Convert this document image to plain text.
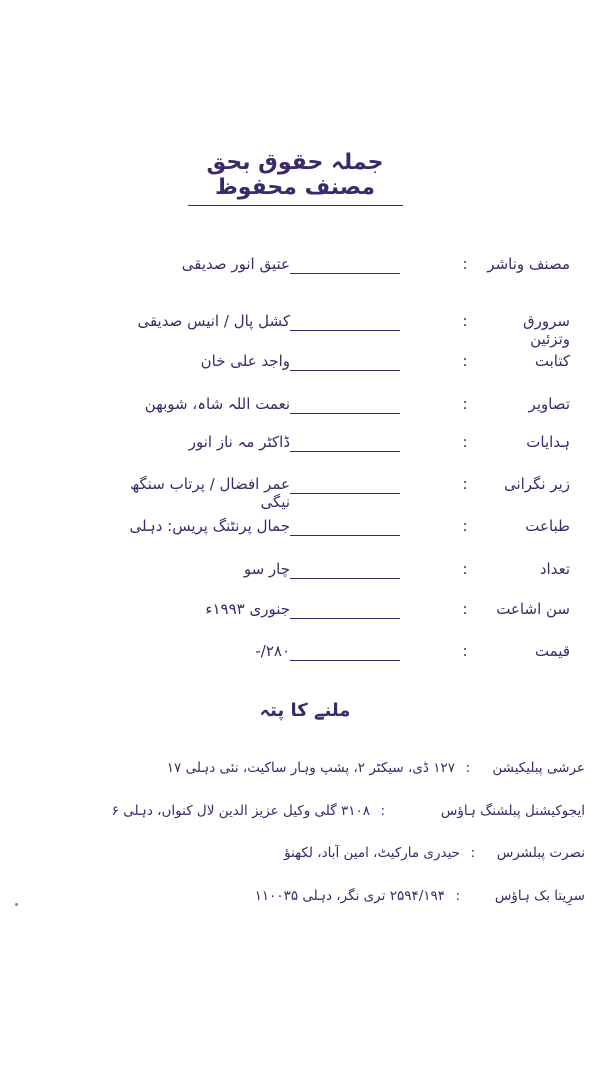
جملہ حقوق بحق مصنف محفوظ
مصنف وناشر
:
عتیق انور صدیقی
سرورق وتزئین
:
کشل پال / انیس صدیقی
کتابت
:
واجد علی خان
تصاویر
:
نعمت اللہ شاہ، شوبھن
ہدایات
:
ڈاکٹر مہ ناز انور
زیر نگرانی
:
عمر افضال / پرتاب سنگھ نیگی
طباعت
:
جمال پرنٹنگ پریس: دہلی
تعداد
:
چار سو
سن اشاعت
:
جنوری ۱۹۹۳ء
قیمت
:
۲۸۰/-
ملنے کا پتہ
عرشی پبلیکیشن
:
۱۲۷ ڈی، سیکٹر ۲، پشپ وہار ساکیت، نئی دہلی ۱۷
ایجوکیشنل پبلشنگ ہاؤس
:
۳۱۰۸ گلی وکیل عزیز الدین لال کنواں، دہلی ۶
نصرت پبلشرس
:
حیدری مارکیٹ، امین آباد، لکھنؤ
سرِیتا بک ہاؤس
:
۲۵۹۴/۱۹۴ تری نگر، دہلی ۱۱۰۰۳۵
